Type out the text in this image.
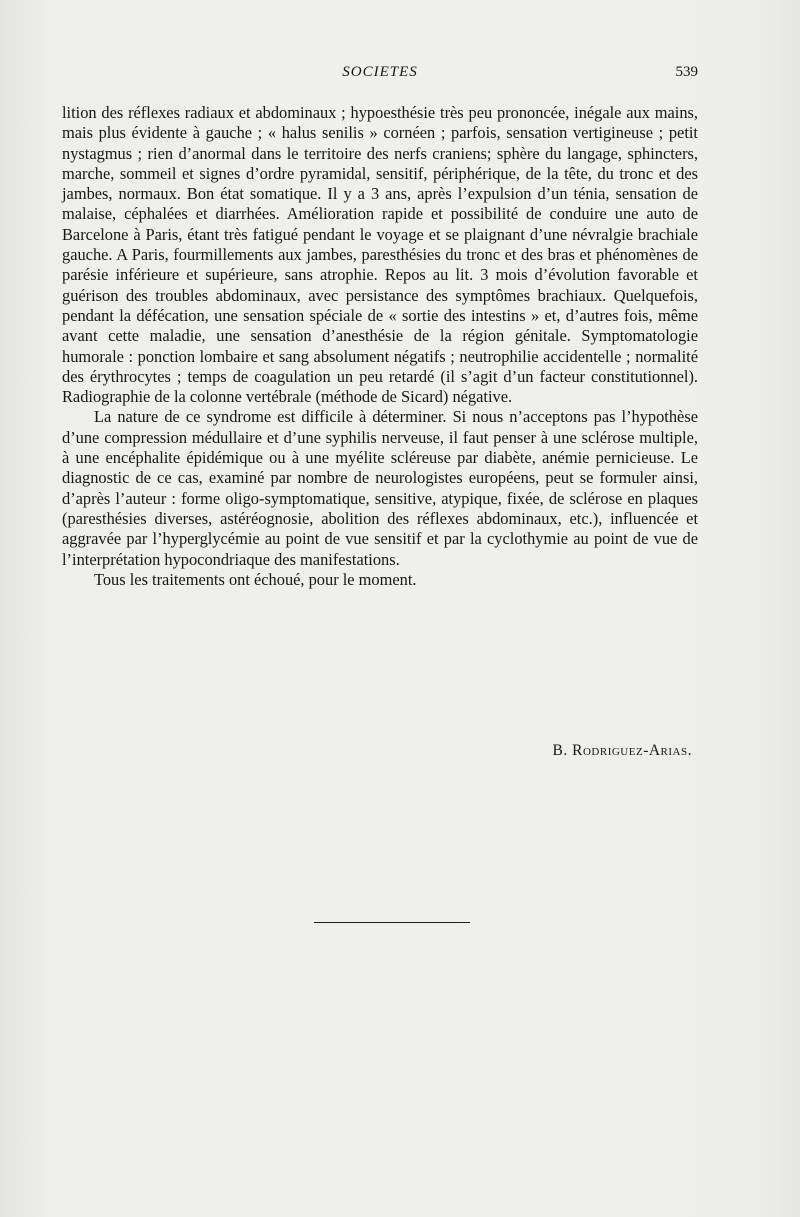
SOCIETES	539

lition des réflexes radiaux et abdominaux ; hypoesthésie très peu prononcée, inégale aux mains, mais plus évidente à gauche ; « halus senilis » cornéen ; parfois, sensation vertigineuse ; petit nystagmus ; rien d’anormal dans le territoire des nerfs craniens; sphère du langage, sphincters, marche, sommeil et signes d’ordre pyramidal, sensitif, périphérique, de la tête, du tronc et des jambes, normaux. Bon état somatique. Il y a 3 ans, après l’expulsion d’un ténia, sensation de malaise, céphalées et diarrhées. Amélioration rapide et possibilité de conduire une auto de Barcelone à Paris, étant très fatigué pendant le voyage et se plaignant d’une névralgie brachiale gauche. A Paris, fourmillements aux jambes, paresthésies du tronc et des bras et phénomènes de parésie inférieure et supérieure, sans atrophie. Repos au lit. 3 mois d’évolution favorable et guérison des troubles abdominaux, avec persistance des symptômes brachiaux. Quelquefois, pendant la défécation, une sensation spéciale de « sortie des intestins » et, d’autres fois, même avant cette maladie, une sensation d’anesthésie de la région génitale. Symptomatologie humorale : ponction lombaire et sang absolument négatifs ; neutrophilie accidentelle ; normalité des érythrocytes ; temps de coagulation un peu retardé (il s’agit d’un facteur constitutionnel). Radiographie de la colonne vertébrale (méthode de Sicard) négative.

La nature de ce syndrome est difficile à déterminer. Si nous n’acceptons pas l’hypothèse d’une compression médullaire et d’une syphilis nerveuse, il faut penser à une sclérose multiple, à une encéphalite épidémique ou à une myélite scléreuse par diabète, anémie pernicieuse. Le diagnostic de ce cas, examiné par nombre de neurologistes européens, peut se formuler ainsi, d’après l’auteur : forme oligo-symptomatique, sensitive, atypique, fixée, de sclérose en plaques (paresthésies diverses, astéréognosie, abolition des réflexes abdominaux, etc.), influencée et aggravée par l’hyperglycémie au point de vue sensitif et par la cyclothymie au point de vue de l’interprétation hypocondriaque des manifestations.

Tous les traitements ont échoué, pour le moment.

B. Rodriguez-Arias.
